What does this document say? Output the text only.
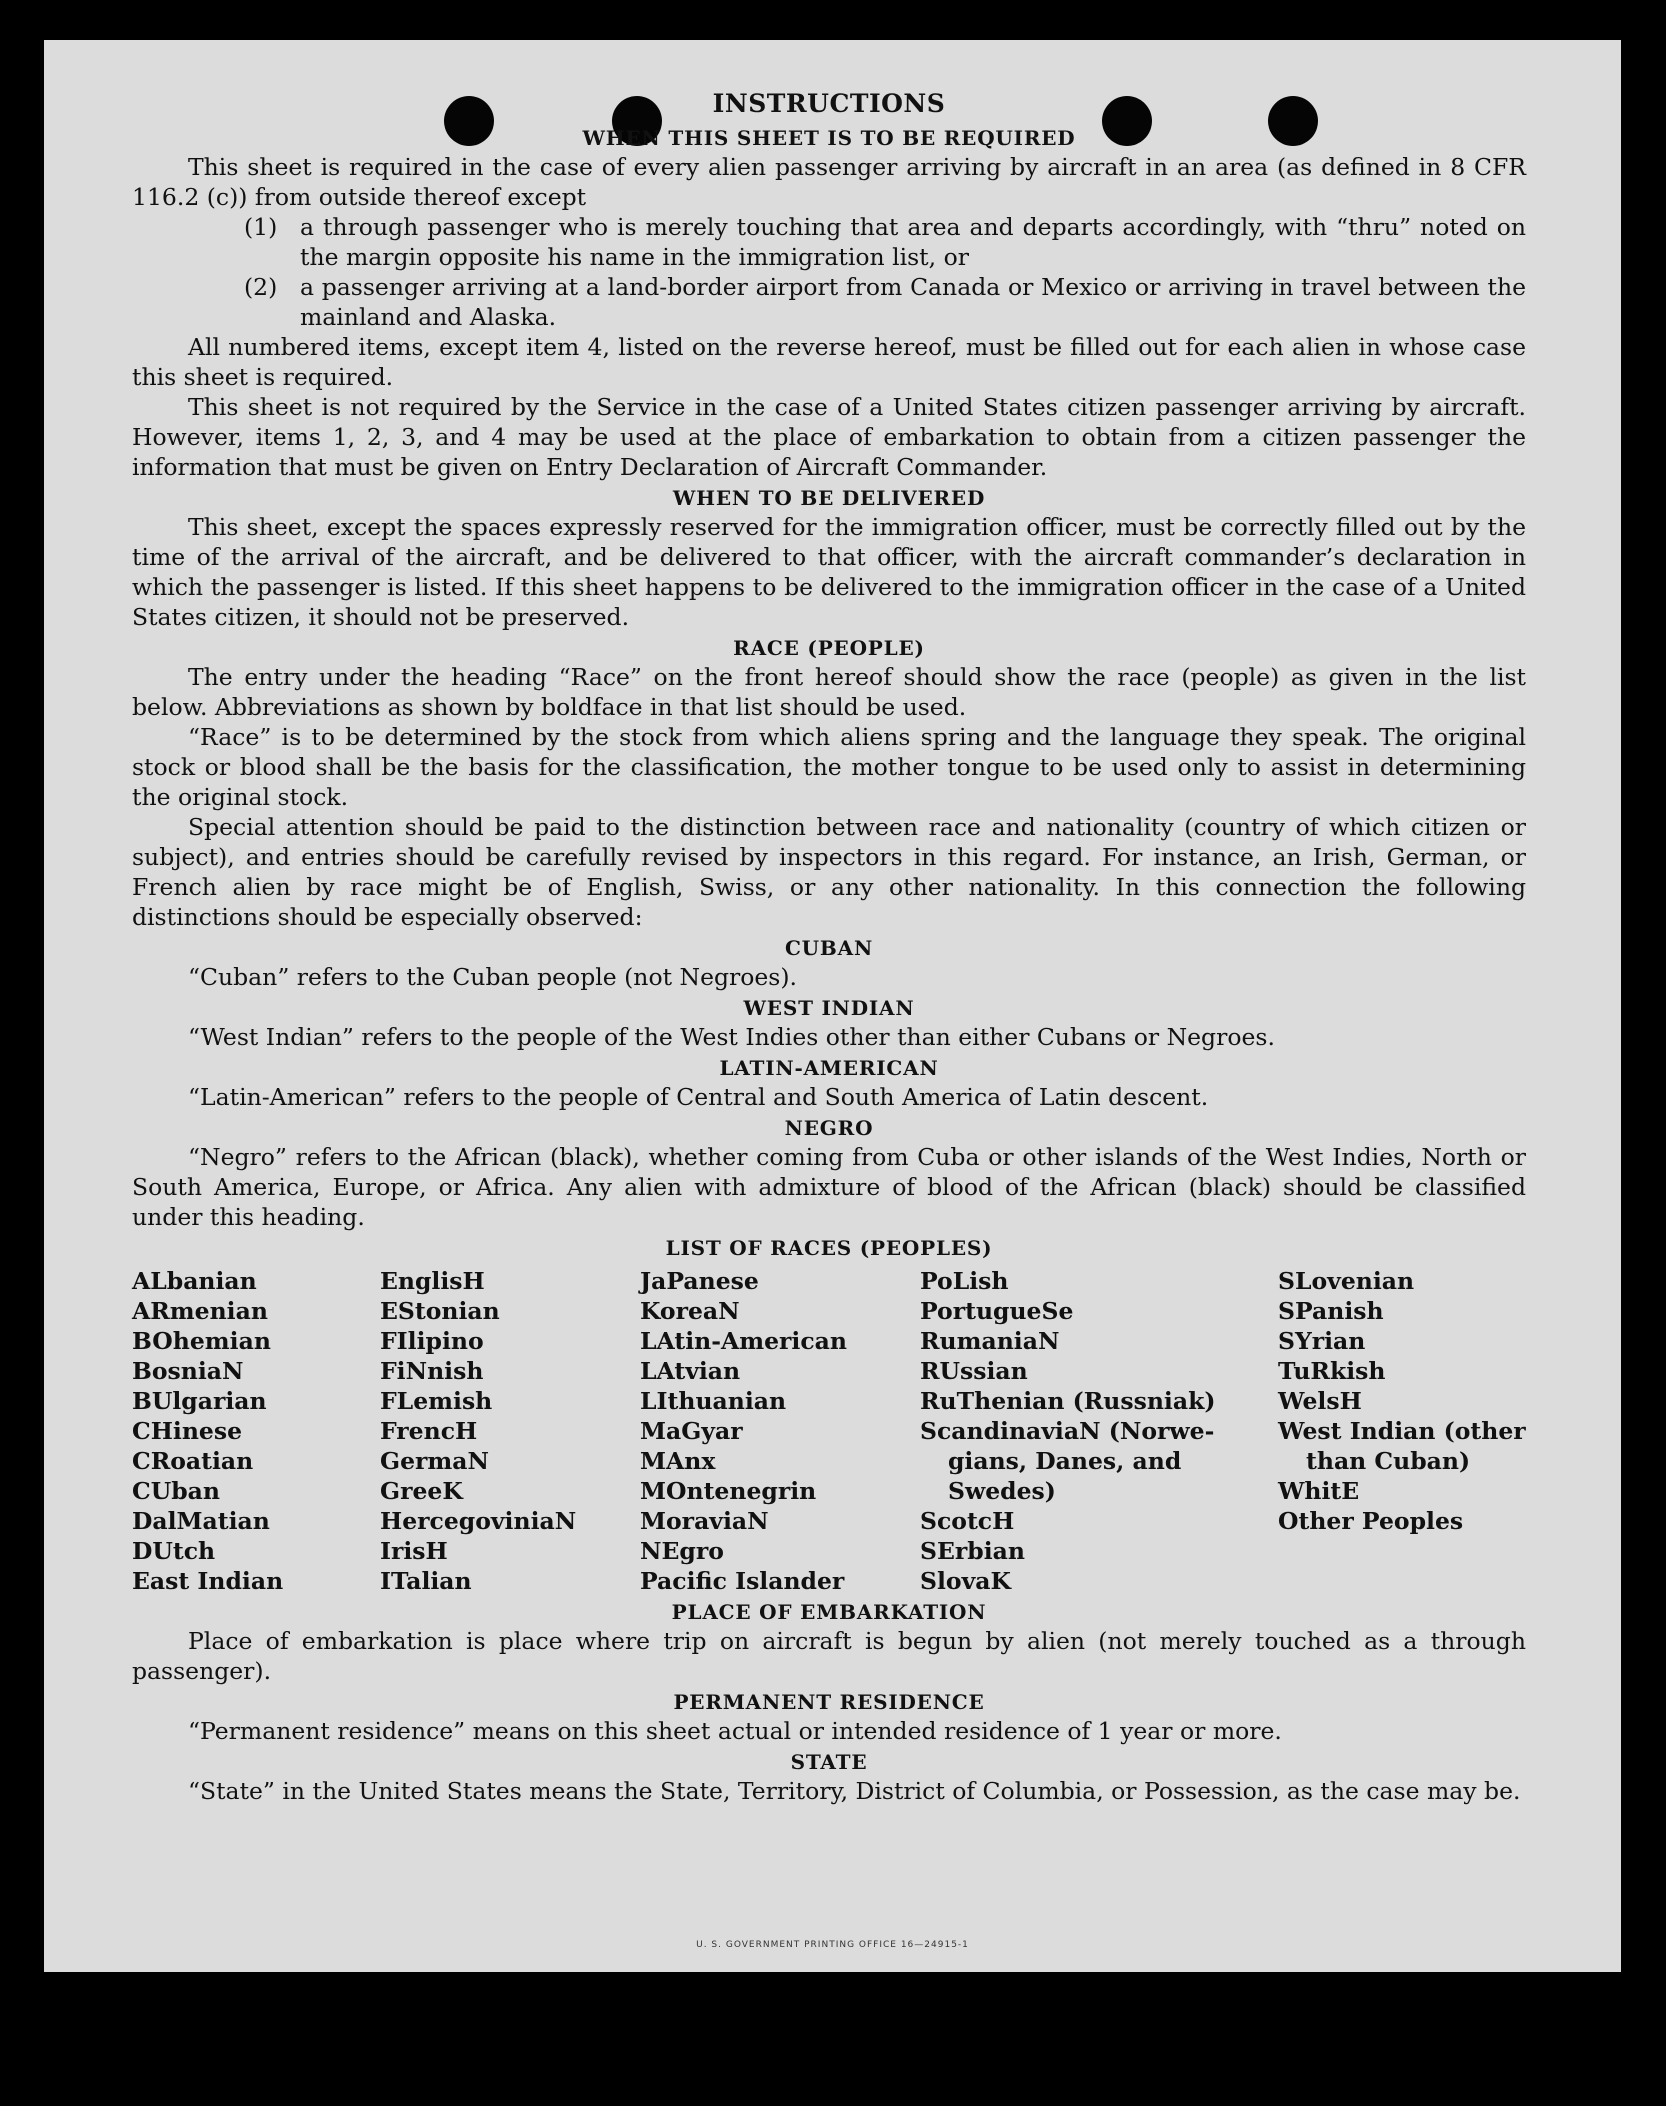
INSTRUCTIONS
WHEN THIS SHEET IS TO BE REQUIRED

This sheet is required in the case of every alien passenger arriving by aircraft in an area (as defined in 8 CFR 116.2 (c)) from outside thereof except

(1) a through passenger who is merely touching that area and departs accordingly, with “thru” noted on the margin opposite his name in the immigration list, or

(2) a passenger arriving at a land-border airport from Canada or Mexico or arriving in travel between the mainland and Alaska.

All numbered items, except item 4, listed on the reverse hereof, must be filled out for each alien in whose case this sheet is required.

This sheet is not required by the Service in the case of a United States citizen passenger arriving by aircraft. However, items 1, 2, 3, and 4 may be used at the place of embarkation to obtain from a citizen passenger the information that must be given on Entry Declaration of Aircraft Commander.

WHEN TO BE DELIVERED

This sheet, except the spaces expressly reserved for the immigration officer, must be correctly filled out by the time of the arrival of the aircraft, and be delivered to that officer, with the aircraft commander’s declaration in which the passenger is listed. If this sheet happens to be delivered to the immigration officer in the case of a United States citizen, it should not be preserved.

RACE (PEOPLE)

The entry under the heading “Race” on the front hereof should show the race (people) as given in the list below. Abbreviations as shown by boldface in that list should be used.

“Race” is to be determined by the stock from which aliens spring and the language they speak. The original stock or blood shall be the basis for the classification, the mother tongue to be used only to assist in determining the original stock.

Special attention should be paid to the distinction between race and nationality (country of which citizen or subject), and entries should be carefully revised by inspectors in this regard. For instance, an Irish, German, or French alien by race might be of English, Swiss, or any other nationality. In this connection the following distinctions should be especially observed:

CUBAN

“Cuban” refers to the Cuban people (not Negroes).

WEST INDIAN

“West Indian” refers to the people of the West Indies other than either Cubans or Negroes.

LATIN-AMERICAN

“Latin-American” refers to the people of Central and South America of Latin descent.

NEGRO

“Negro” refers to the African (black), whether coming from Cuba or other islands of the West Indies, North or South America, Europe, or Africa. Any alien with admixture of blood of the African (black) should be classified under this heading.

LIST OF RACES (PEOPLES)
ALbanian
ARmenian
BOhemian
BosniaN
BUlgarian
CHinese
CRoatian
CUban
DalMatian
DUtch
East Indian
EnglisH
EStonian
FIlipino
FiNnish
FLemish
FrencH
GermaN
GreeK
HercegoviniaN
IrisH
ITalian
JaPanese
KoreaN
LAtin-American
LAtvian
LIthuanian
MaGyar
MAnx
MOntenegrin
MoraviaN
NEgro
Pacific Islander
PoLish
PortugueSe
RumaniaN
RUssian
RuThenian (Russniak)
ScandinaviaN (Norwe-
gians, Danes, and
Swedes)
ScotcH
SErbian
SlovaK
SLovenian
SPanish
SYrian
TuRkish
WelsH
West Indian (other
than Cuban)
WhitE
Other Peoples
PLACE OF EMBARKATION

Place of embarkation is place where trip on aircraft is begun by alien (not merely touched as a through passenger).

PERMANENT RESIDENCE

“Permanent residence” means on this sheet actual or intended residence of 1 year or more.

STATE

“State” in the United States means the State, Territory, District of Columbia, or Possession, as the case may be.

U. S. GOVERNMENT PRINTING OFFICE 16—24915-1
